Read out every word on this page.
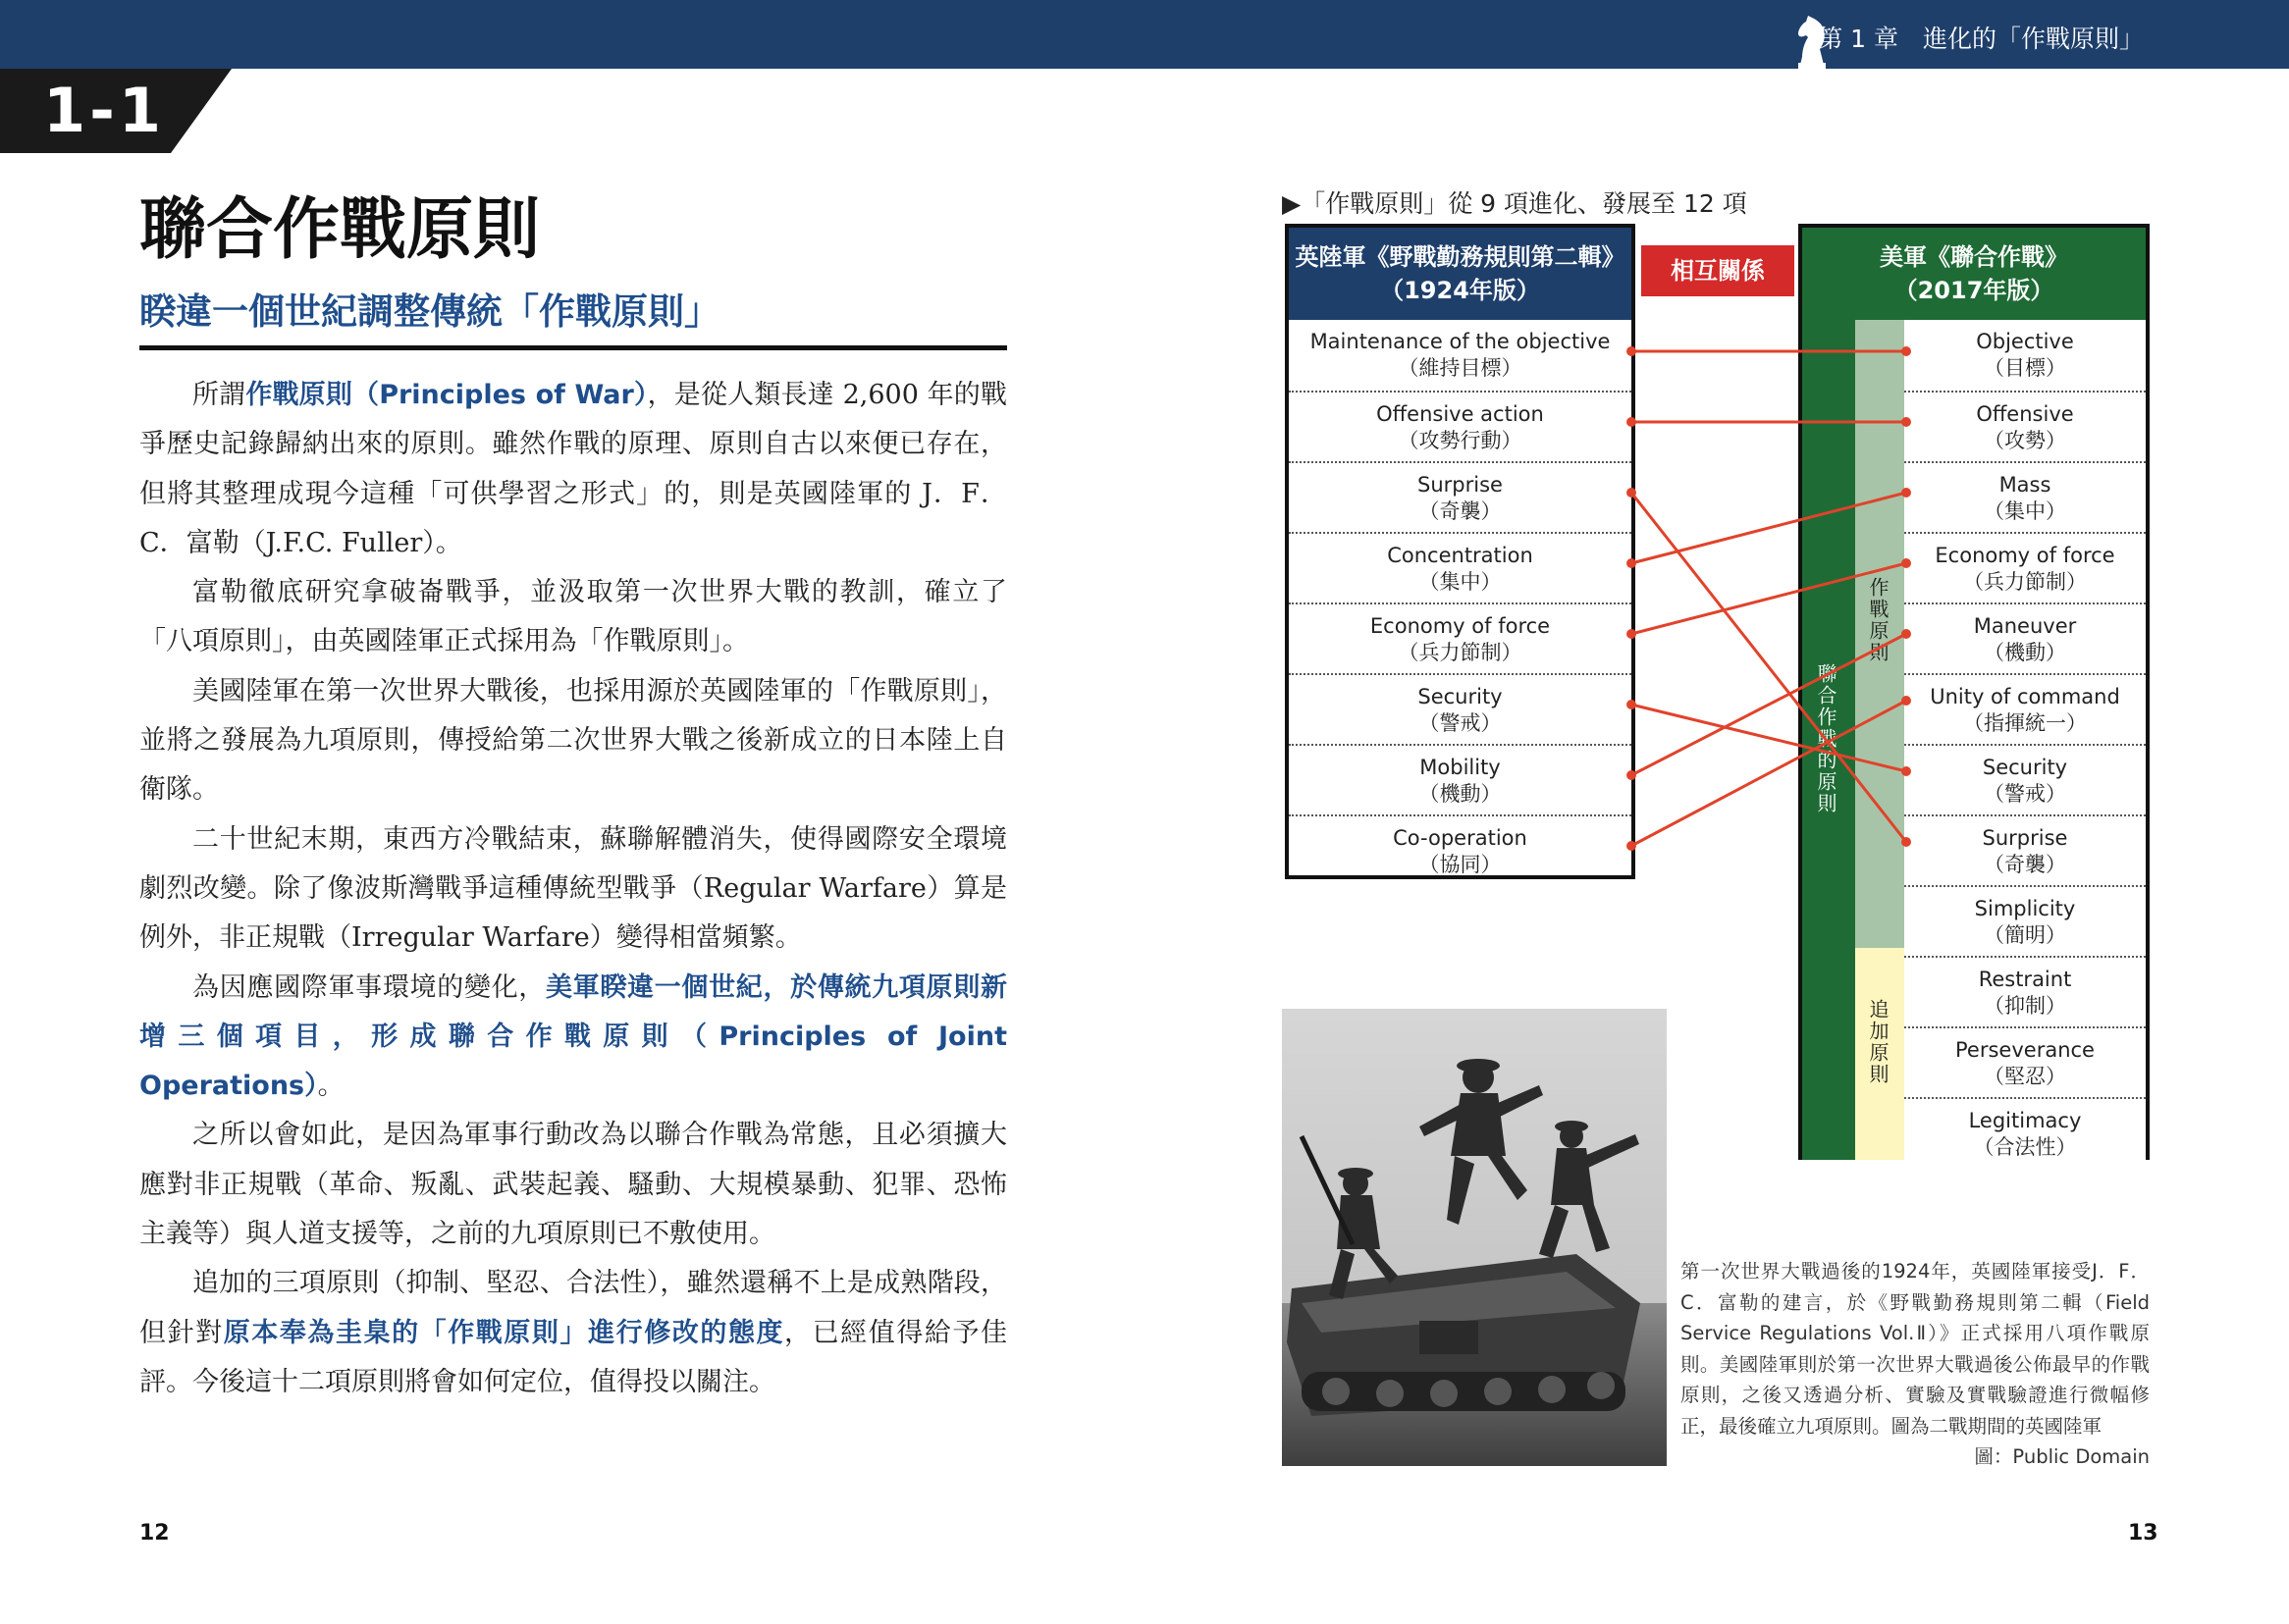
第 1 章　進化的「作戰原則」
1-1
聯合作戰原則
睽違一個世紀調整傳統「作戰原則」

所謂作戰原則（Principles of War），是從人類長達 2,600 年的戰爭歷史記錄歸納出來的原則。雖然作戰的原理、原則自古以來便已存在，但將其整理成現今這種「可供學習之形式」的，則是英國陸軍的 J．F．C．富勒（J.F.C. Fuller）。

富勒徹底研究拿破崙戰爭，並汲取第一次世界大戰的教訓，確立了「八項原則」，由英國陸軍正式採用為「作戰原則」。

美國陸軍在第一次世界大戰後，也採用源於英國陸軍的「作戰原則」，並將之發展為九項原則，傳授給第二次世界大戰之後新成立的日本陸上自衛隊。

二十世紀末期，東西方冷戰結束，蘇聯解體消失，使得國際安全環境劇烈改變。除了像波斯灣戰爭這種傳統型戰爭（Regular Warfare）算是例外，非正規戰（Irregular Warfare）變得相當頻繁。

為因應國際軍事環境的變化，美軍睽違一個世紀，於傳統九項原則新增三個項目，形成聯合作戰原則（Principles of Joint Operations）。

之所以會如此，是因為軍事行動改為以聯合作戰為常態，且必須擴大應對非正規戰（革命、叛亂、武裝起義、騷動、大規模暴動、犯罪、恐怖主義等）與人道支援等，之前的九項原則已不敷使用。

追加的三項原則（抑制、堅忍、合法性），雖然還稱不上是成熟階段，但針對原本奉為圭臬的「作戰原則」進行修改的態度，已經值得給予佳評。今後這十二項原則將會如何定位，值得投以關注。

▶「作戰原則」從 9 項進化、發展至 12 項
英陸軍《野戰勤務規則第二輯》
（1924年版）
Maintenance of the objective
（維持目標）
Offensive action
（攻勢行動）
Surprise
（奇襲）
Concentration
（集中）
Economy of force
（兵力節制）
Security
（警戒）
Mobility
（機動）
Co-operation
（協同）
相互關係	美軍《聯合作戰》
（2017年版）
聯合作戰的原則
作戰原則
追加原則
Objective
（目標）
Offensive
（攻勢）
Mass
（集中）
Economy of force
（兵力節制）
Maneuver
（機動）
Unity of command
（指揮統一）
Security
（警戒）
Surprise
（奇襲）
Simplicity
（簡明）
Restraint
（抑制）
Perseverance
（堅忍）
Legitimacy
（合法性）
第一次世界大戰過後的1924年，英國陸軍接受J．F．C．富勒的建言，於《野戰勤務規則第二輯（Field Service Regulations Vol.Ⅱ）》正式採用八項作戰原則。美國陸軍則於第一次世界大戰過後公佈最早的作戰原則，之後又透過分析、實驗及實戰驗證進行微幅修正，最後確立九項原則。圖為二戰期間的英國陸軍
圖：Public Domain
12	13
